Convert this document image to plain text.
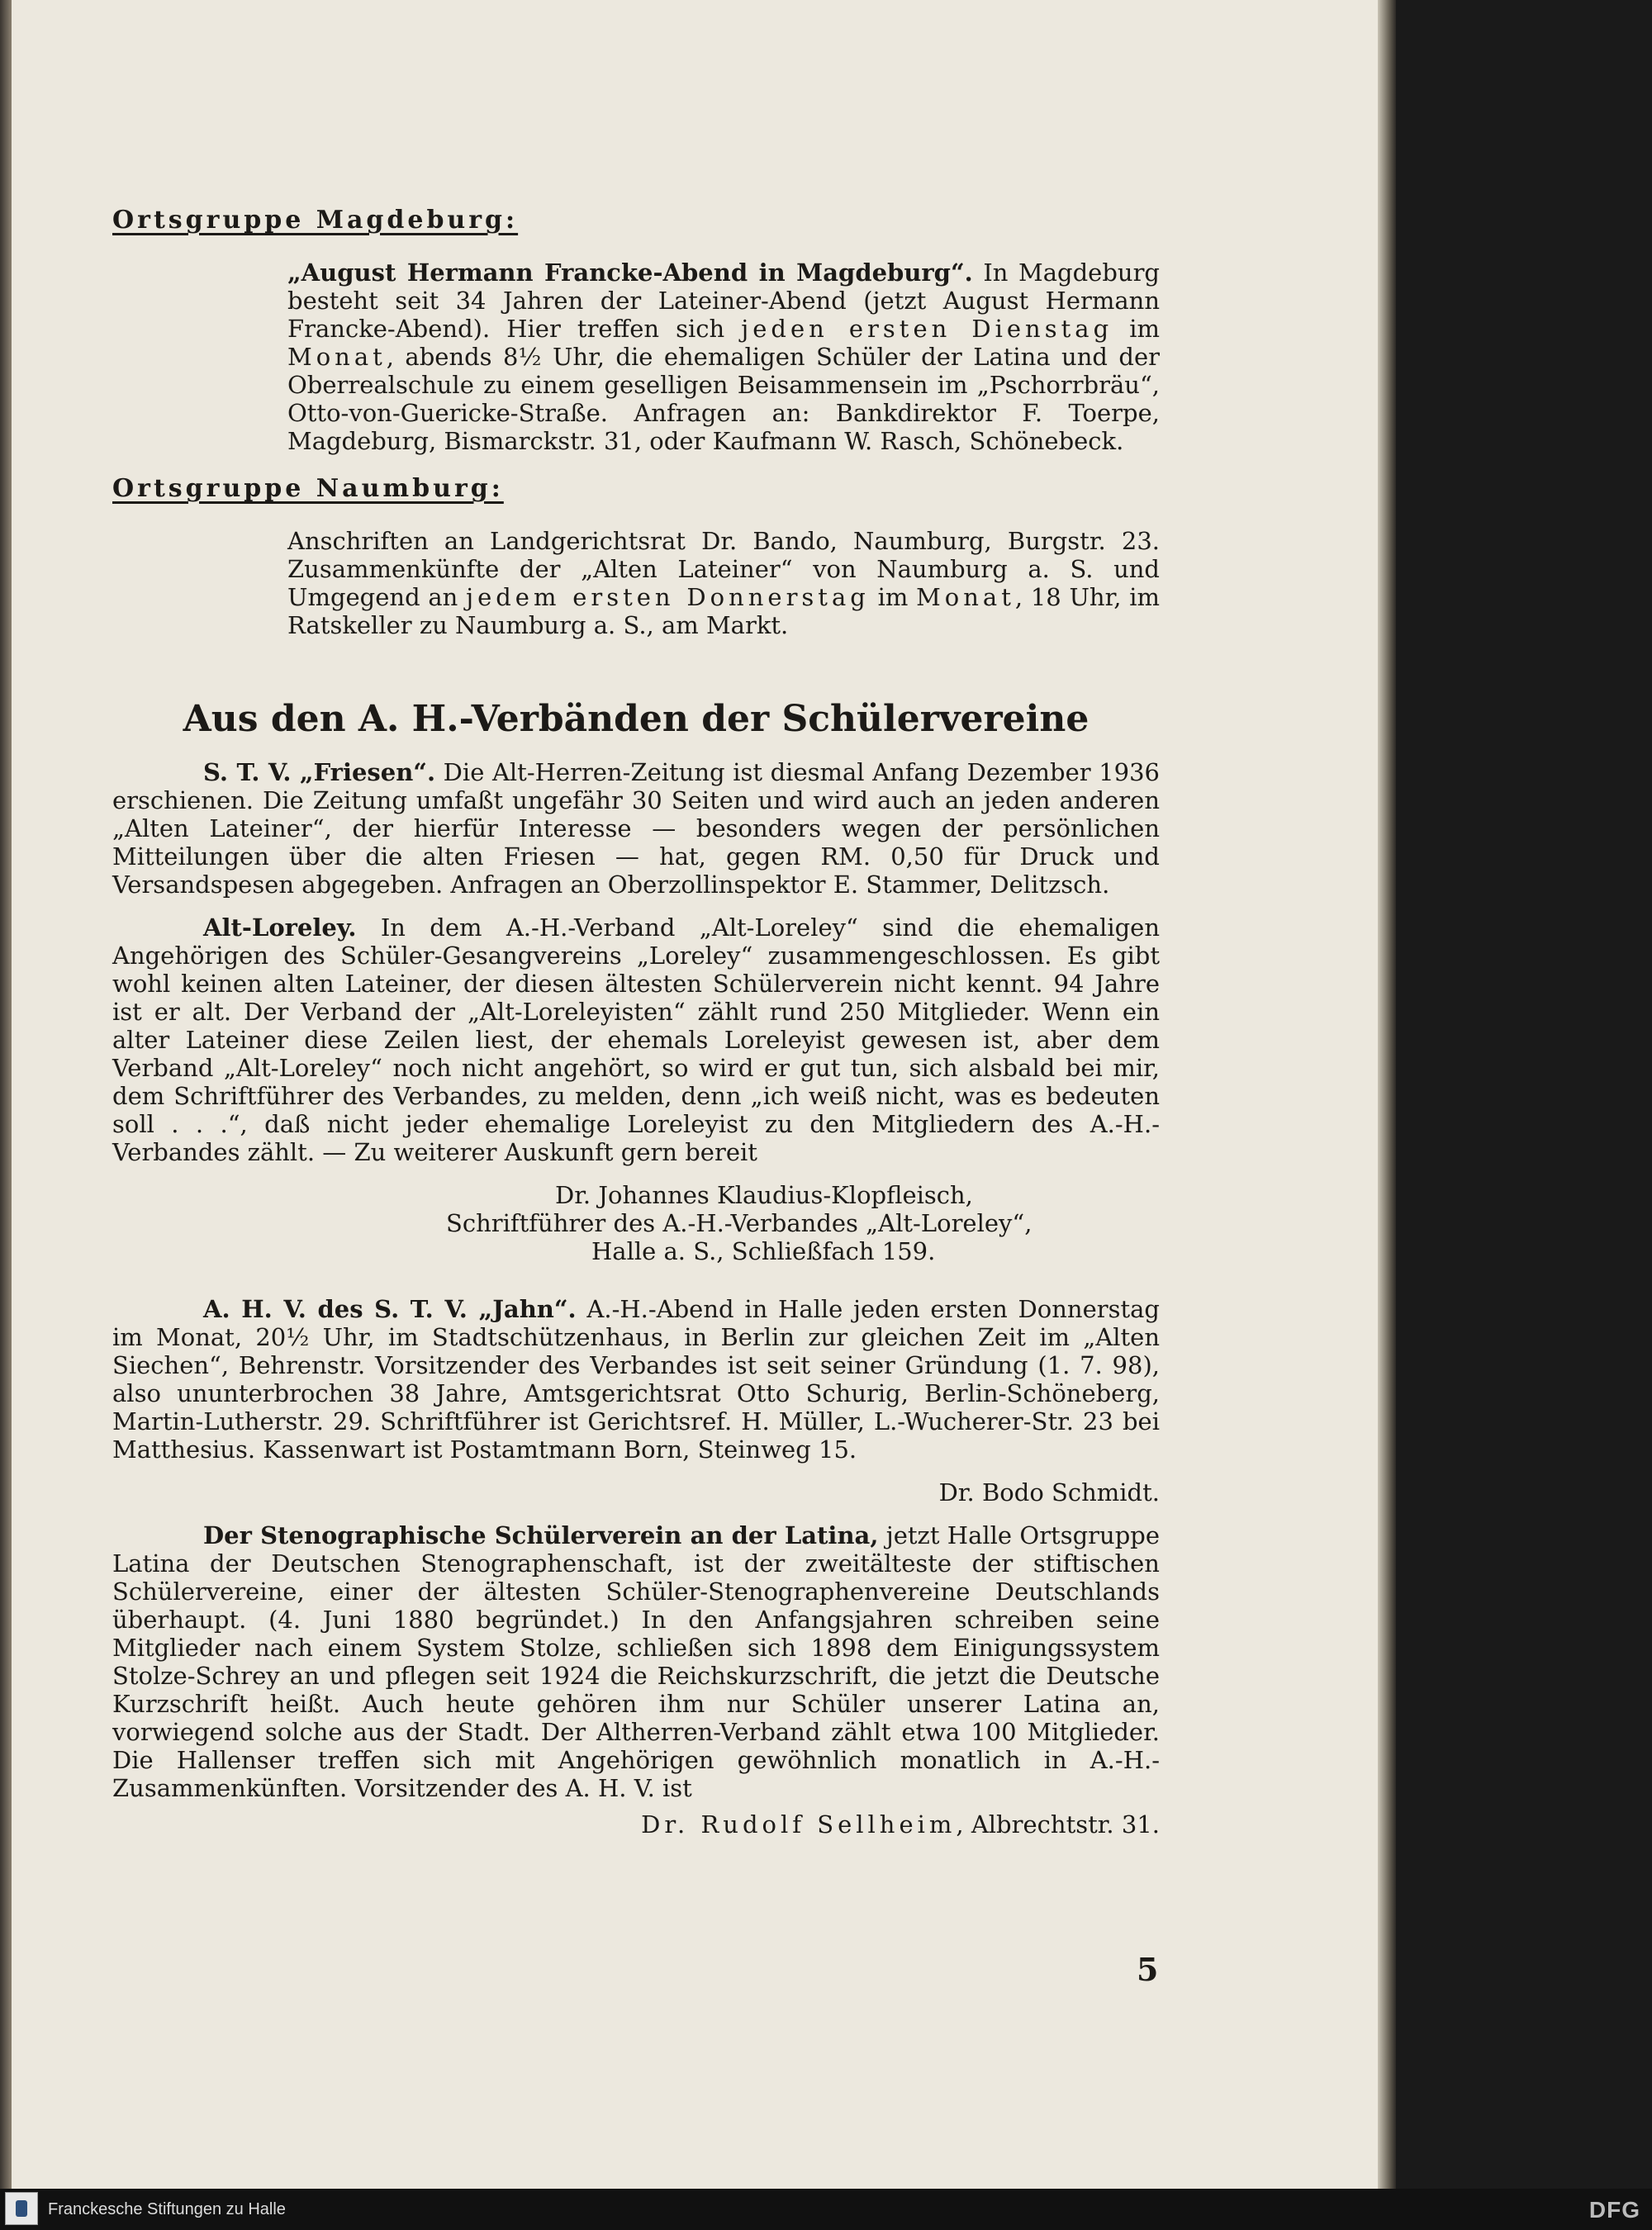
Ortsgruppe Magdeburg:

„August Hermann Francke-Abend in Magdeburg“. In Magdeburg besteht seit 34 Jahren der Lateiner-Abend (jetzt August Hermann Francke-Abend). Hier treffen sich jeden ersten Dienstag im Monat, abends 8½ Uhr, die ehemaligen Schüler der Latina und der Oberrealschule zu einem geselligen Beisammensein im „Pschorrbräu“, Otto-von-Guericke-Straße. Anfragen an: Bankdirektor F. Toerpe, Magdeburg, Bismarckstr. 31, oder Kaufmann W. Rasch, Schönebeck.

Ortsgruppe Naumburg:

Anschriften an Landgerichtsrat Dr. Bando, Naumburg, Burgstr. 23. Zusammenkünfte der „Alten Lateiner“ von Naumburg a. S. und Umgegend an jedem ersten Donnerstag im Monat, 18 Uhr, im Ratskeller zu Naumburg a. S., am Markt.

Aus den A. H.-Verbänden der Schülervereine

S. T. V. „Friesen“. Die Alt-Herren-Zeitung ist diesmal Anfang Dezember 1936 erschienen. Die Zeitung umfaßt ungefähr 30 Seiten und wird auch an jeden anderen „Alten Lateiner“, der hierfür Interesse — besonders wegen der persönlichen Mitteilungen über die alten Friesen — hat, gegen RM. 0,50 für Druck und Versandspesen abgegeben. Anfragen an Oberzollinspektor E. Stammer, Delitzsch.

Alt-Loreley. In dem A.-H.-Verband „Alt-Loreley“ sind die ehemaligen Angehörigen des Schüler-Gesangvereins „Loreley“ zusammengeschlossen. Es gibt wohl keinen alten Lateiner, der diesen ältesten Schülerverein nicht kennt. 94 Jahre ist er alt. Der Verband der „Alt-Loreleyisten“ zählt rund 250 Mitglieder. Wenn ein alter Lateiner diese Zeilen liest, der ehemals Loreleyist gewesen ist, aber dem Verband „Alt-Loreley“ noch nicht angehört, so wird er gut tun, sich alsbald bei mir, dem Schriftführer des Verbandes, zu melden, denn „ich weiß nicht, was es bedeuten soll . . .“, daß nicht jeder ehemalige Loreleyist zu den Mitgliedern des A.-H.-Verbandes zählt. — Zu weiterer Auskunft gern bereit

Dr. Johannes Klaudius-Klopfleisch,

Schriftführer des A.-H.-Verbandes „Alt-Loreley“,

Halle a. S., Schließfach 159.

A. H. V. des S. T. V. „Jahn“. A.-H.-Abend in Halle jeden ersten Donnerstag im Monat, 20½ Uhr, im Stadtschützenhaus, in Berlin zur gleichen Zeit im „Alten Siechen“, Behrenstr. Vorsitzender des Verbandes ist seit seiner Gründung (1. 7. 98), also ununterbrochen 38 Jahre, Amtsgerichtsrat Otto Schurig, Berlin-Schöneberg, Martin-Lutherstr. 29. Schriftführer ist Gerichtsref. H. Müller, L.-Wucherer-Str. 23 bei Matthesius. Kassenwart ist Postamtmann Born, Steinweg 15.

Dr. Bodo Schmidt.

Der Stenographische Schülerverein an der Latina, jetzt Halle Ortsgruppe Latina der Deutschen Stenographenschaft, ist der zweitälteste der stiftischen Schülervereine, einer der ältesten Schüler-Stenographenvereine Deutschlands überhaupt. (4. Juni 1880 begründet.) In den Anfangsjahren schreiben seine Mitglieder nach einem System Stolze, schließen sich 1898 dem Einigungssystem Stolze-Schrey an und pflegen seit 1924 die Reichskurzschrift, die jetzt die Deutsche Kurzschrift heißt. Auch heute gehören ihm nur Schüler unserer Latina an, vorwiegend solche aus der Stadt. Der Altherren-Verband zählt etwa 100 Mitglieder. Die Hallenser treffen sich mit Angehörigen gewöhnlich monatlich in A.-H.-Zusammenkünften. Vorsitzender des A. H. V. ist

Dr. Rudolf Sellheim, Albrechtstr. 31.

5
Franckesche Stiftungen zu Halle	DFG
